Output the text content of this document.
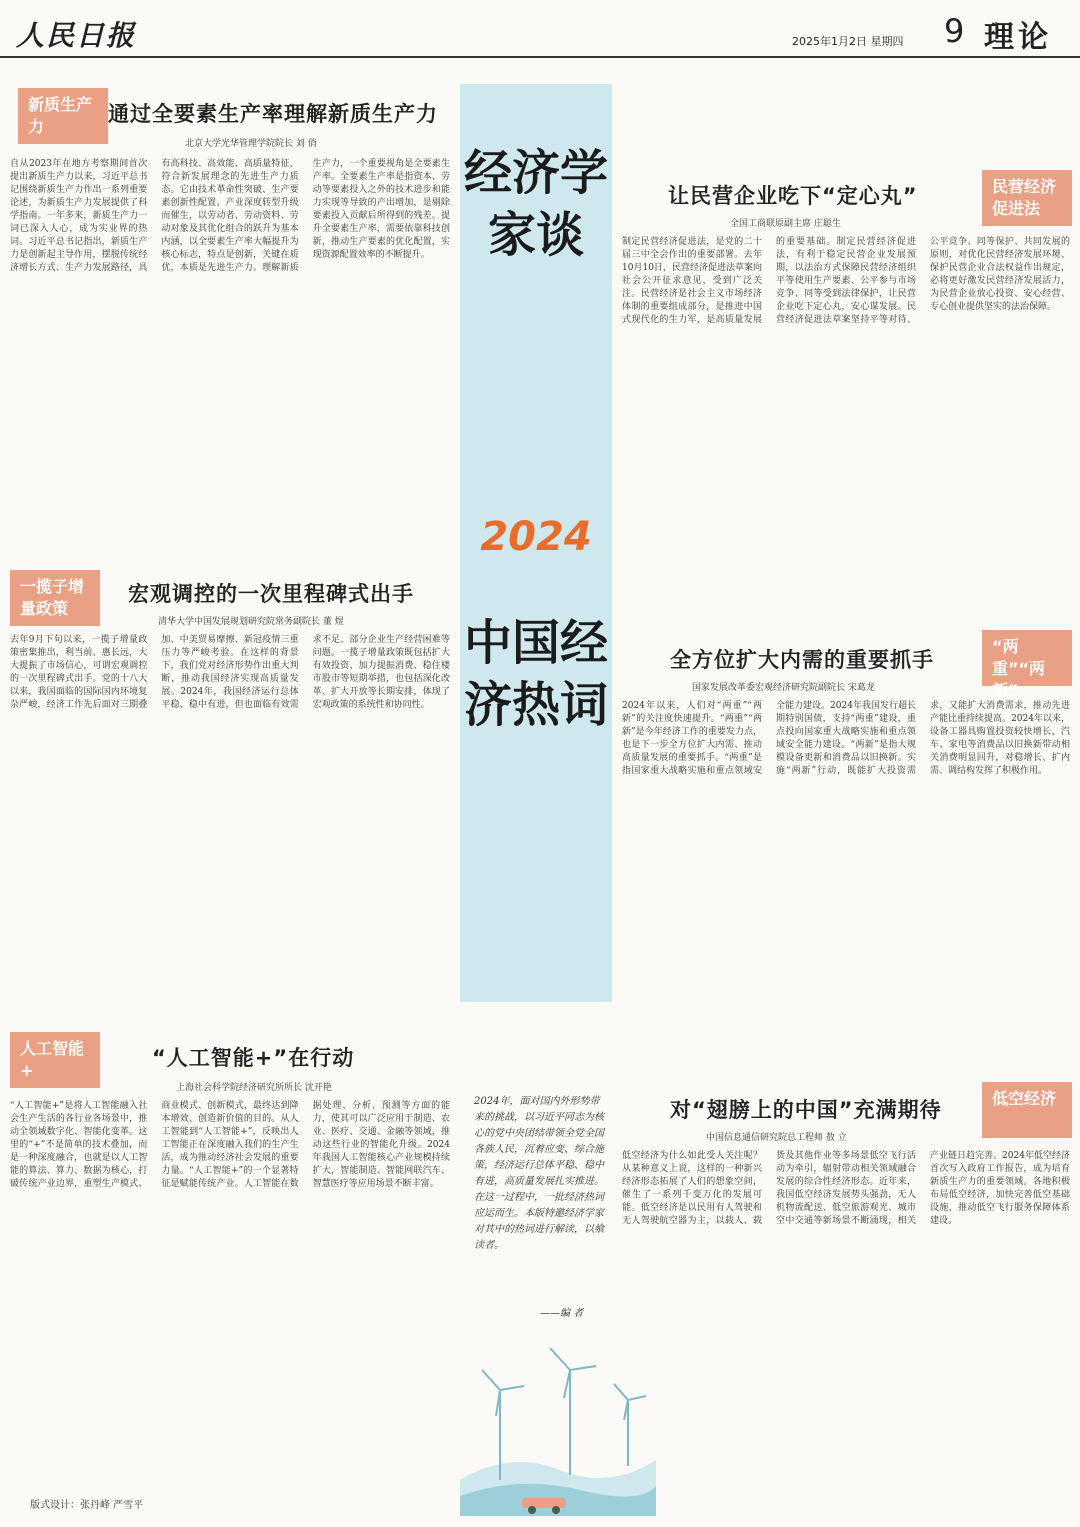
人民日报	2025年1月2日 星期四 9 理论
新质生产力
通过全要素生产率理解新质生产力
北京大学光华管理学院院长 刘 俏
自从2023年在地方考察期间首次提出新质生产力以来，习近平总书记围绕新质生产力作出一系列重要论述，为新质生产力发展提供了科学指南。一年多来，新质生产力一词已深入人心，成为实业界的热词。习近平总书记指出，新质生产力是创新起主导作用，摆脱传统经济增长方式、生产力发展路径，具有高科技、高效能、高质量特征，符合新发展理念的先进生产力质态。它由技术革命性突破、生产要素创新性配置、产业深度转型升级而催生，以劳动者、劳动资料、劳动对象及其优化组合的跃升为基本内涵，以全要素生产率大幅提升为核心标志，特点是创新，关键在质优，本质是先进生产力。理解新质生产力，一个重要视角是全要素生产率。全要素生产率是指资本、劳动等要素投入之外的技术进步和能力实现等导致的产出增加，是剔除要素投入贡献后所得到的残差。提升全要素生产率，需要依靠科技创新，推动生产要素的优化配置，实现资源配置效率的不断提升。
一揽子增量政策
宏观调控的一次里程碑式出手
清华大学中国发展规划研究院常务副院长 董 煜
去年9月下旬以来，一揽子增量政策密集推出，利当前、惠长远，大大提振了市场信心，可谓宏观调控的一次里程碑式出手。党的十八大以来，我国面临的国际国内环境复杂严峻，经济工作先后面对三期叠加、中美贸易摩擦、新冠疫情三重压力等严峻考验。在这样的背景下，我们党对经济形势作出重大判断，推动我国经济实现高质量发展。2024年，我国经济运行总体平稳、稳中有进，但也面临有效需求不足、部分企业生产经营困难等问题。一揽子增量政策既包括扩大有效投资、加力提振消费、稳住楼市股市等短期举措，也包括深化改革、扩大开放等长期安排，体现了宏观政策的系统性和协同性。
人工智能+
“人工智能+”在行动
上海社会科学院经济研究所所长 沈开艳
“人工智能+”是将人工智能融入社会生产生活的各行业各场景中，推动全领域数字化、智能化变革。这里的“+”不是简单的技术叠加，而是一种深度融合，也就是以人工智能的算法、算力、数据为核心，打破传统产业边界，重塑生产模式、商业模式、创新模式，最终达到降本增效、创造新价值的目的。从人工智能到“人工智能+”，反映出人工智能正在深度融入我们的生产生活，成为推动经济社会发展的重要力量。“人工智能+”的一个显著特征是赋能传统产业。人工智能在数据处理、分析、预测等方面的能力，使其可以广泛应用于制造、农业、医疗、交通、金融等领域，推动这些行业的智能化升级。2024年我国人工智能核心产业规模持续扩大，智能制造、智能网联汽车、智慧医疗等应用场景不断丰富。
经济学家谈
2024
中国经济热词
民营经济促进法
让民营企业吃下“定心丸”
全国工商联原副主席 庄聪生
制定民营经济促进法，是党的二十届三中全会作出的重要部署。去年10月10日，民营经济促进法草案向社会公开征求意见，受到广泛关注。民营经济是社会主义市场经济体制的重要组成部分，是推进中国式现代化的生力军，是高质量发展的重要基础。制定民营经济促进法，有利于稳定民营企业发展预期，以法治方式保障民营经济组织平等使用生产要素、公平参与市场竞争、同等受到法律保护，让民营企业吃下定心丸，安心谋发展。民营经济促进法草案坚持平等对待、公平竞争、同等保护、共同发展的原则，对优化民营经济发展环境、保护民营企业合法权益作出规定，必将更好激发民营经济发展活力，为民营企业放心投资、安心经营、专心创业提供坚实的法治保障。
“两重”“两新”
全方位扩大内需的重要抓手
国家发展改革委宏观经济研究院副院长 宋葛龙
2024年以来，人们对“两重”“两新”的关注度快速提升。“两重”“两新”是今年经济工作的重要发力点，也是下一步全方位扩大内需、推动高质量发展的重要抓手。“两重”是指国家重大战略实施和重点领域安全能力建设。2024年我国发行超长期特别国债，支持“两重”建设，重点投向国家重大战略实施和重点领域安全能力建设。“两新”是指大规模设备更新和消费品以旧换新。实施“两新”行动，既能扩大投资需求，又能扩大消费需求，推动先进产能比重持续提高。2024年以来，设备工器具购置投资较快增长，汽车、家电等消费品以旧换新带动相关消费明显回升，对稳增长、扩内需、调结构发挥了积极作用。
2024年，面对国内外形势带来的挑战，以习近平同志为核心的党中央团结带领全党全国各族人民，沉着应变、综合施策，经济运行总体平稳、稳中有进，高质量发展扎实推进。在这一过程中，一批经济热词应运而生。本版特邀经济学家对其中的热词进行解读，以飨读者。
——编 者
低空经济
对“翅膀上的中国”充满期待
中国信息通信研究院总工程师 敖 立
低空经济为什么如此受人关注呢？从某种意义上说，这样的一种新兴经济形态拓展了人们的想象空间，催生了一系列千变万化的发展可能。低空经济是以民用有人驾驶和无人驾驶航空器为主，以载人、载货及其他作业等多场景低空飞行活动为牵引，辐射带动相关领域融合发展的综合性经济形态。近年来，我国低空经济发展势头强劲，无人机物流配送、低空旅游观光、城市空中交通等新场景不断涌现，相关产业链日趋完善。2024年低空经济首次写入政府工作报告，成为培育新质生产力的重要领域。各地积极布局低空经济，加快完善低空基础设施，推动低空飞行服务保障体系建设。
版式设计：张丹峰 严雪平
